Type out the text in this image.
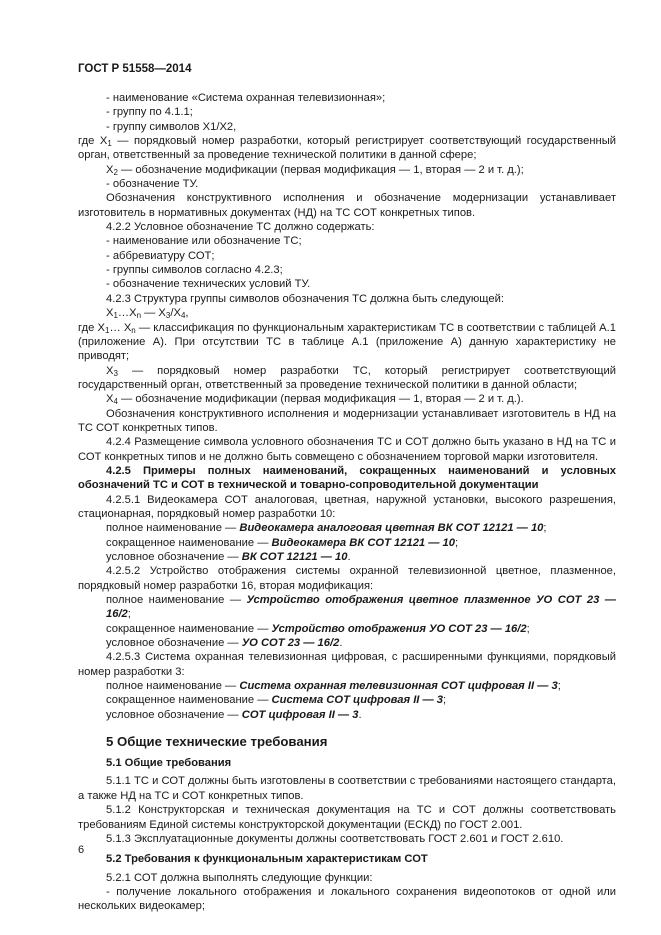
ГОСТ Р 51558—2014

- наименование «Система охранная телевизионная»;

- группу по 4.1.1;

- группу символов Х1/Х2,

где $Х_1$ — порядковый номер разработки, который регистрирует соответствующий государственный орган, ответственный за проведение технической политики в данной сфере;

$Х_2$ — обозначение модификации (первая модификация — 1, вторая — 2 и т. д.);

- обозначение ТУ.

Обозначения конструктивного исполнения и обозначение модернизации устанавливает изготовитель в нормативных документах (НД) на ТС СОТ конкретных типов.

4.2.2 Условное обозначение ТС должно содержать:

- наименование или обозначение ТС;

- аббревиатуру СОТ;

- группы символов согласно 4.2.3;

- обозначение технических условий ТУ.

4.2.3 Структура группы символов обозначения ТС должна быть следующей:

$Х_1\dots Х_n$ — $Х_3/Х_4$,

где $Х_1\dots$ $Х_n$ — классификация по функциональным характеристикам ТС в соответствии с таблицей А.1 (приложение А). При отсутствии ТС в таблице А.1 (приложение А) данную характеристику не приводят;

$Х_3$ — порядковый номер разработки ТС, который регистрирует соответствующий государственный орган, ответственный за проведение технической политики в данной области;

$Х_4$ — обозначение модификации (первая модификация — 1, вторая — 2 и т. д.).

Обозначения конструктивного исполнения и модернизации устанавливает изготовитель в НД на ТС СОТ конкретных типов.

4.2.4 Размещение символа условного обозначения ТС и СОТ должно быть указано в НД на ТС и СОТ конкретных типов и не должно быть совмещено с обозначением торговой марки изготовителя.

4.2.5 Примеры полных наименований, сокращенных наименований и условных обозначений ТС и СОТ в технической и товарно-сопроводительной документации

4.2.5.1 Видеокамера СОТ аналоговая, цветная, наружной установки, высокого разрешения, стационарная, порядковый номер разработки 10:

полное наименование — Видеокамера аналоговая цветная ВК СОТ 12121 — 10;

сокращенное наименование — Видеокамера ВК СОТ 12121 — 10;

условное обозначение — ВК СОТ 12121 — 10.

4.2.5.2 Устройство отображения системы охранной телевизионной цветное, плазменное, порядковый номер разработки 16, вторая модификация:

полное наименование — Устройство отображения цветное плазменное УО СОТ 23 — 16/2;

сокращенное наименование — Устройство отображения УО СОТ 23 — 16/2;

условное обозначение — УО СОТ 23 — 16/2.

4.2.5.3 Система охранная телевизионная цифровая, с расширенными функциями, порядковый номер разработки 3:

полное наименование — Система охранная телевизионная СОТ цифровая II — 3;

сокращенное наименование — Система СОТ цифровая II — 3;

условное обозначение — СОТ цифровая II — 3.

5 Общие технические требования
5.1 Общие требования

5.1.1 ТС и СОТ должны быть изготовлены в соответствии с требованиями настоящего стандарта, а также НД на ТС и СОТ конкретных типов.

5.1.2 Конструкторская и техническая документация на ТС и СОТ должны соответствовать требованиям Единой системы конструкторской документации (ЕСКД) по ГОСТ 2.001.

5.1.3 Эксплуатационные документы должны соответствовать ГОСТ 2.601 и ГОСТ 2.610.

5.2 Требования к функциональным характеристикам СОТ

5.2.1 СОТ должна выполнять следующие функции:

- получение локального отображения и локального сохранения видеопотоков от одной или нескольких видеокамер;

6
